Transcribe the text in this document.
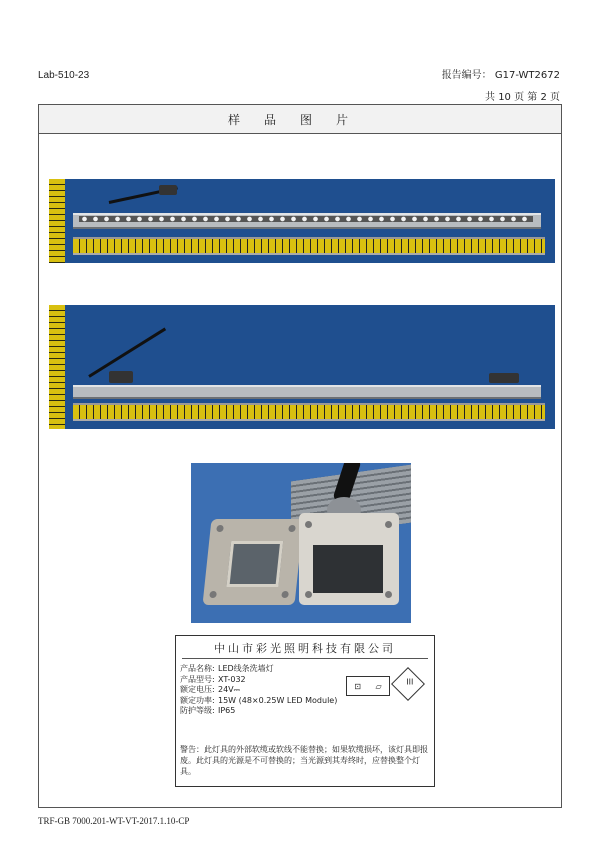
Lab-510-23	报告编号： G17-WT2672
共 10 页 第 2 页
样品图片
中山市彩光照明科技有限公司
产品名称: LED线条洗墙灯
产品型号: XT-032
额定电压: 24V⎓
额定功率: 15W (48×0.25W LED Module)
防护等级: IP65
⊡ ▱	III
警告：此灯具的外部软缆或软线不能替换；如果软缆损坏，该灯具即报废。此灯具的光源是不可替换的；当光源到其寿终时，应替换整个灯具。
TRF-GB 7000.201-WT-VT-2017.1.10-CP
